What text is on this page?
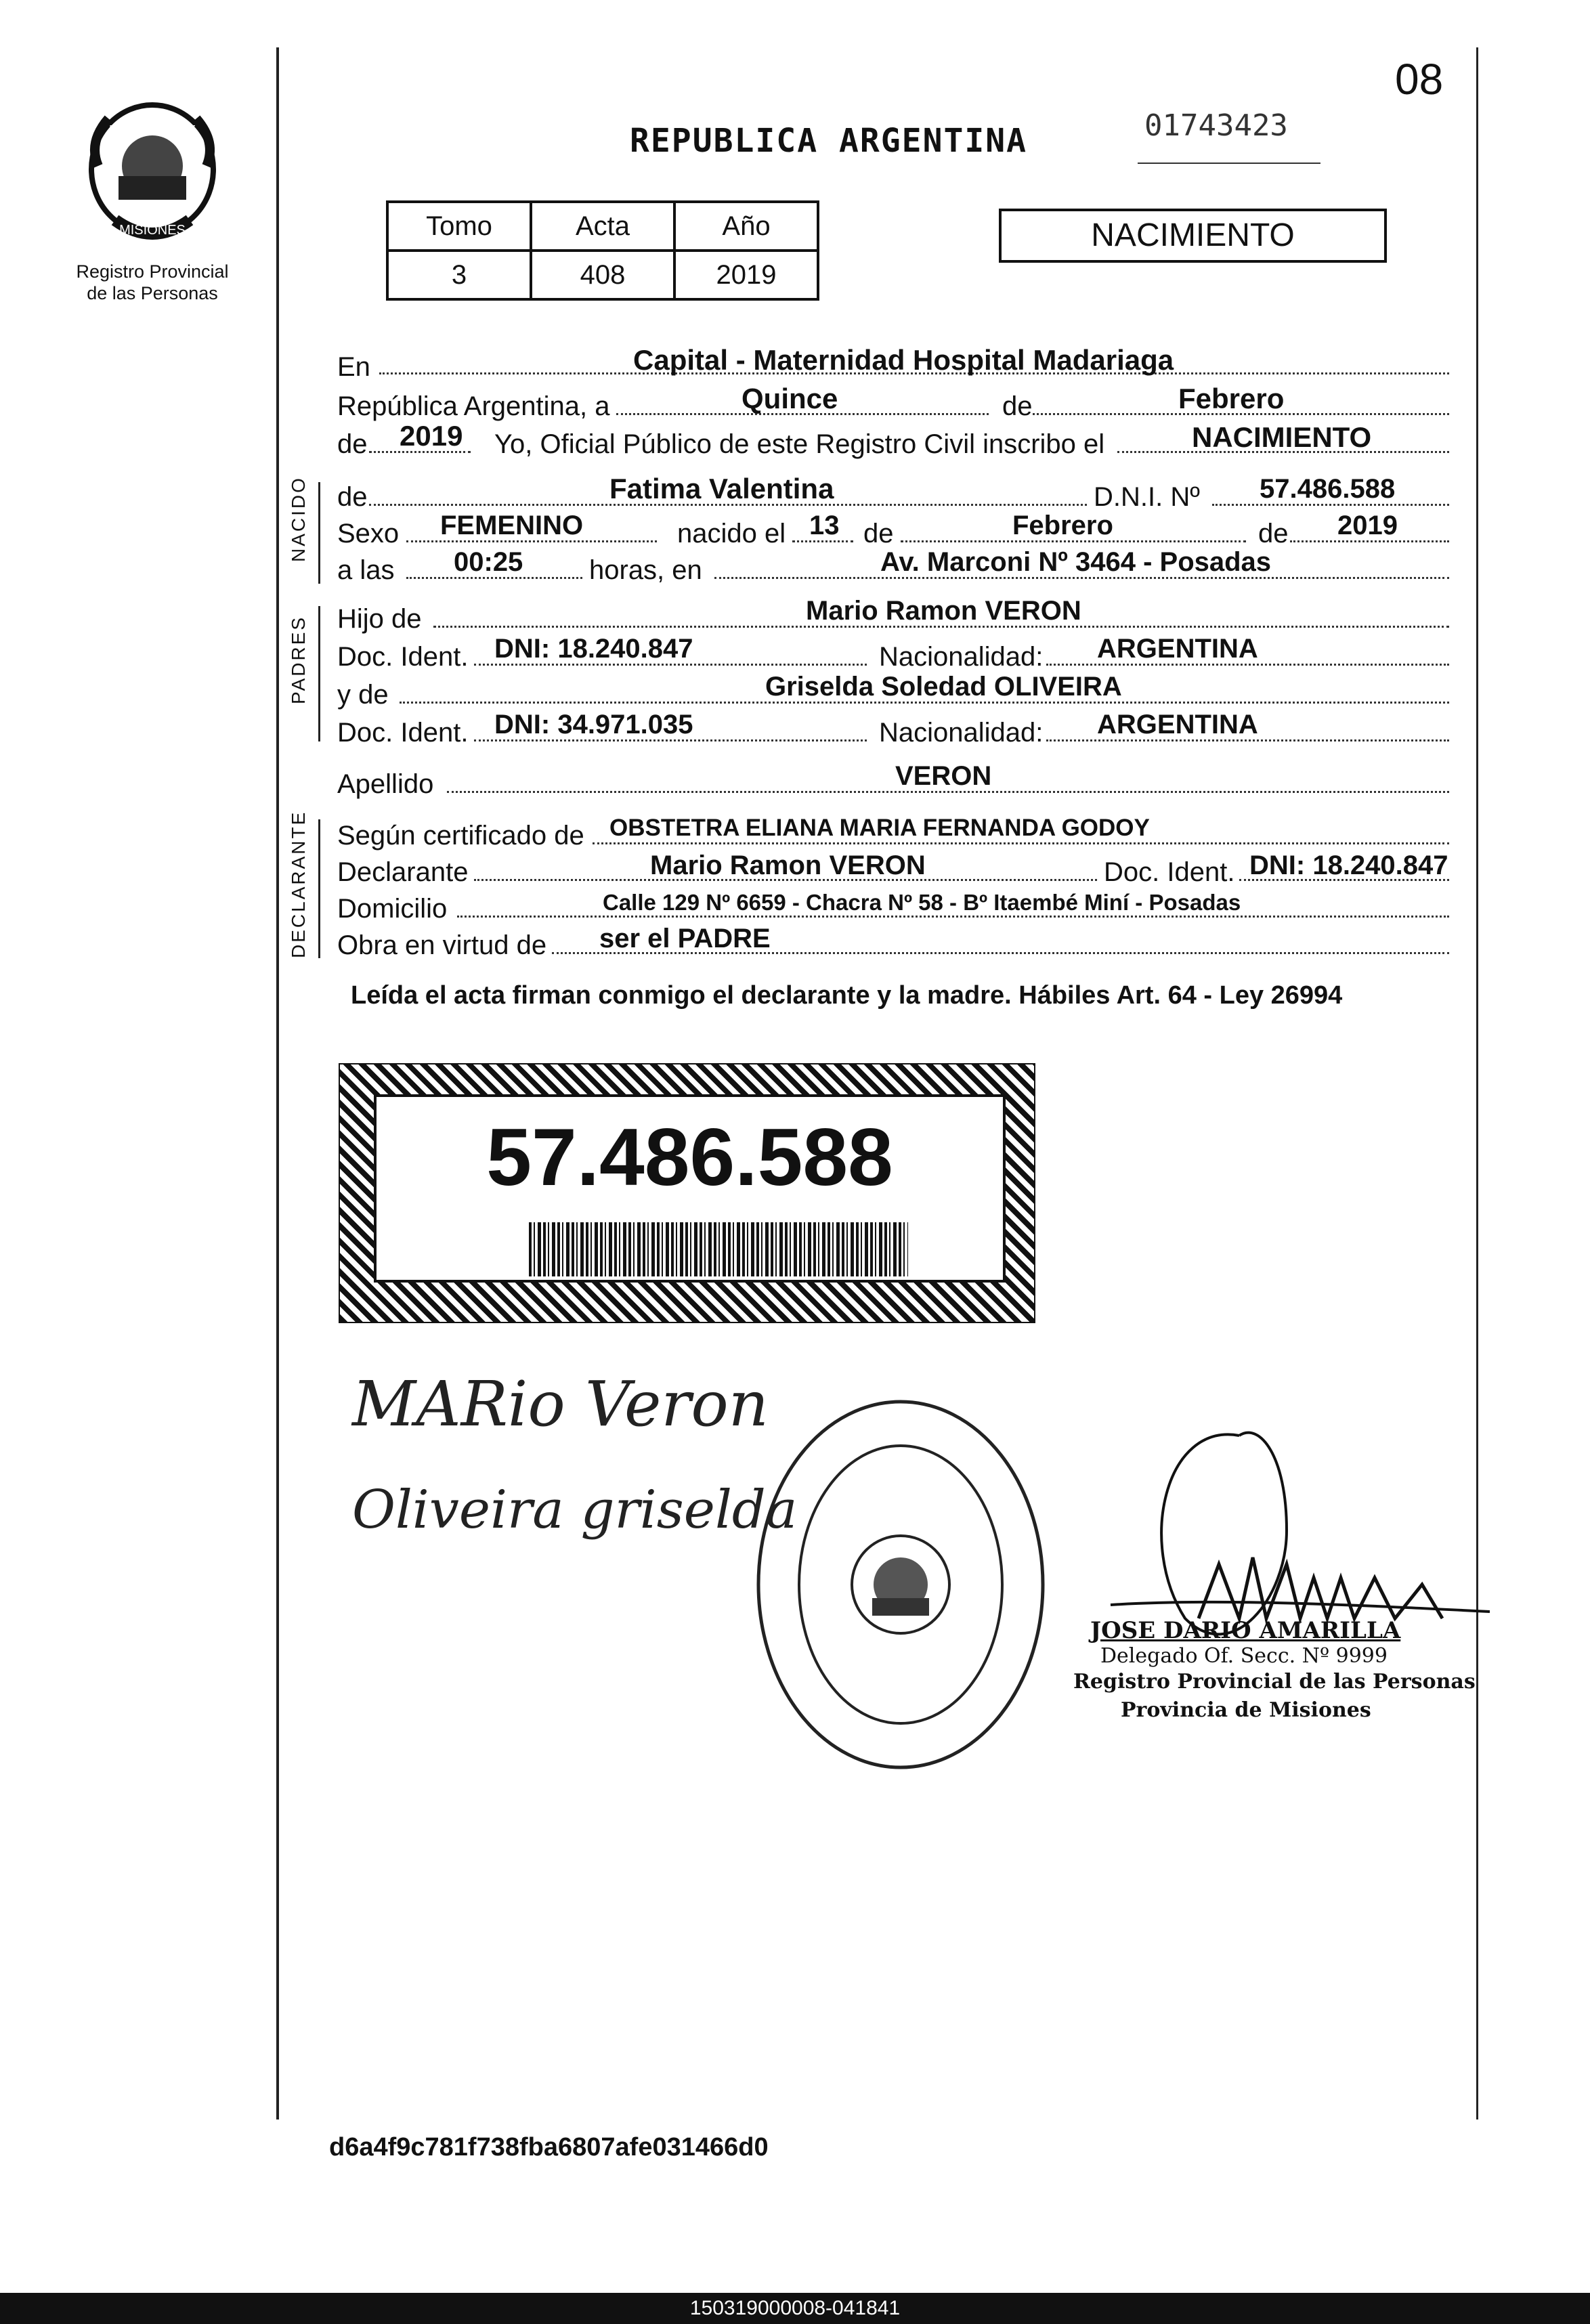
PROVINCIA DE
MISIONES
Registro Provincial
de las Personas
08
REPUBLICA ARGENTINA	01743423
Tomo	Acta	Año
3	408	2019
NACIMIENTO
En	Capital - Maternidad Hospital Madariaga
República Argentina, a	Quince	de	Febrero
de 2019 Yo, Oficial Público de este Registro Civil inscribo el	NACIMIENTO
NACIDO de	Fatima Valentina	D.N.I. Nº 57.486.588
Sexo FEMENINO	nacido el 13 de	Febrero	de 2019
a las 00:25 horas, en	Av. Marconi Nº 3464 - Posadas
PADRES Hijo de	Mario Ramon VERON
Doc. Ident. DNI: 18.240.847	Nacionalidad: ARGENTINA
y de	Griselda Soledad OLIVEIRA
Doc. Ident. DNI: 34.971.035	Nacionalidad: ARGENTINA
Apellido	VERON
DECLARANTE Según certificado de OBSTETRA ELIANA MARIA FERNANDA GODOY
Declarante	Mario Ramon VERON	Doc. Ident. DNI: 18.240.847
Domicilio	Calle 129 Nº 6659 - Chacra Nº 58 - Bº Itaembé Miní - Posadas
Obra en virtud de ser el PADRE
Leída el acta firman conmigo el declarante y la madre. Hábiles Art. 64 - Ley 26994
57.486.588
MARio Veron
Oliveira griselda
JOSE DARIO AMARILLA
Delegado Of. Secc. Nº 9999
Registro Provincial de las Personas
Provincia de Misiones
d6a4f9c781f738fba6807afe031466d0
150319000008-041841
